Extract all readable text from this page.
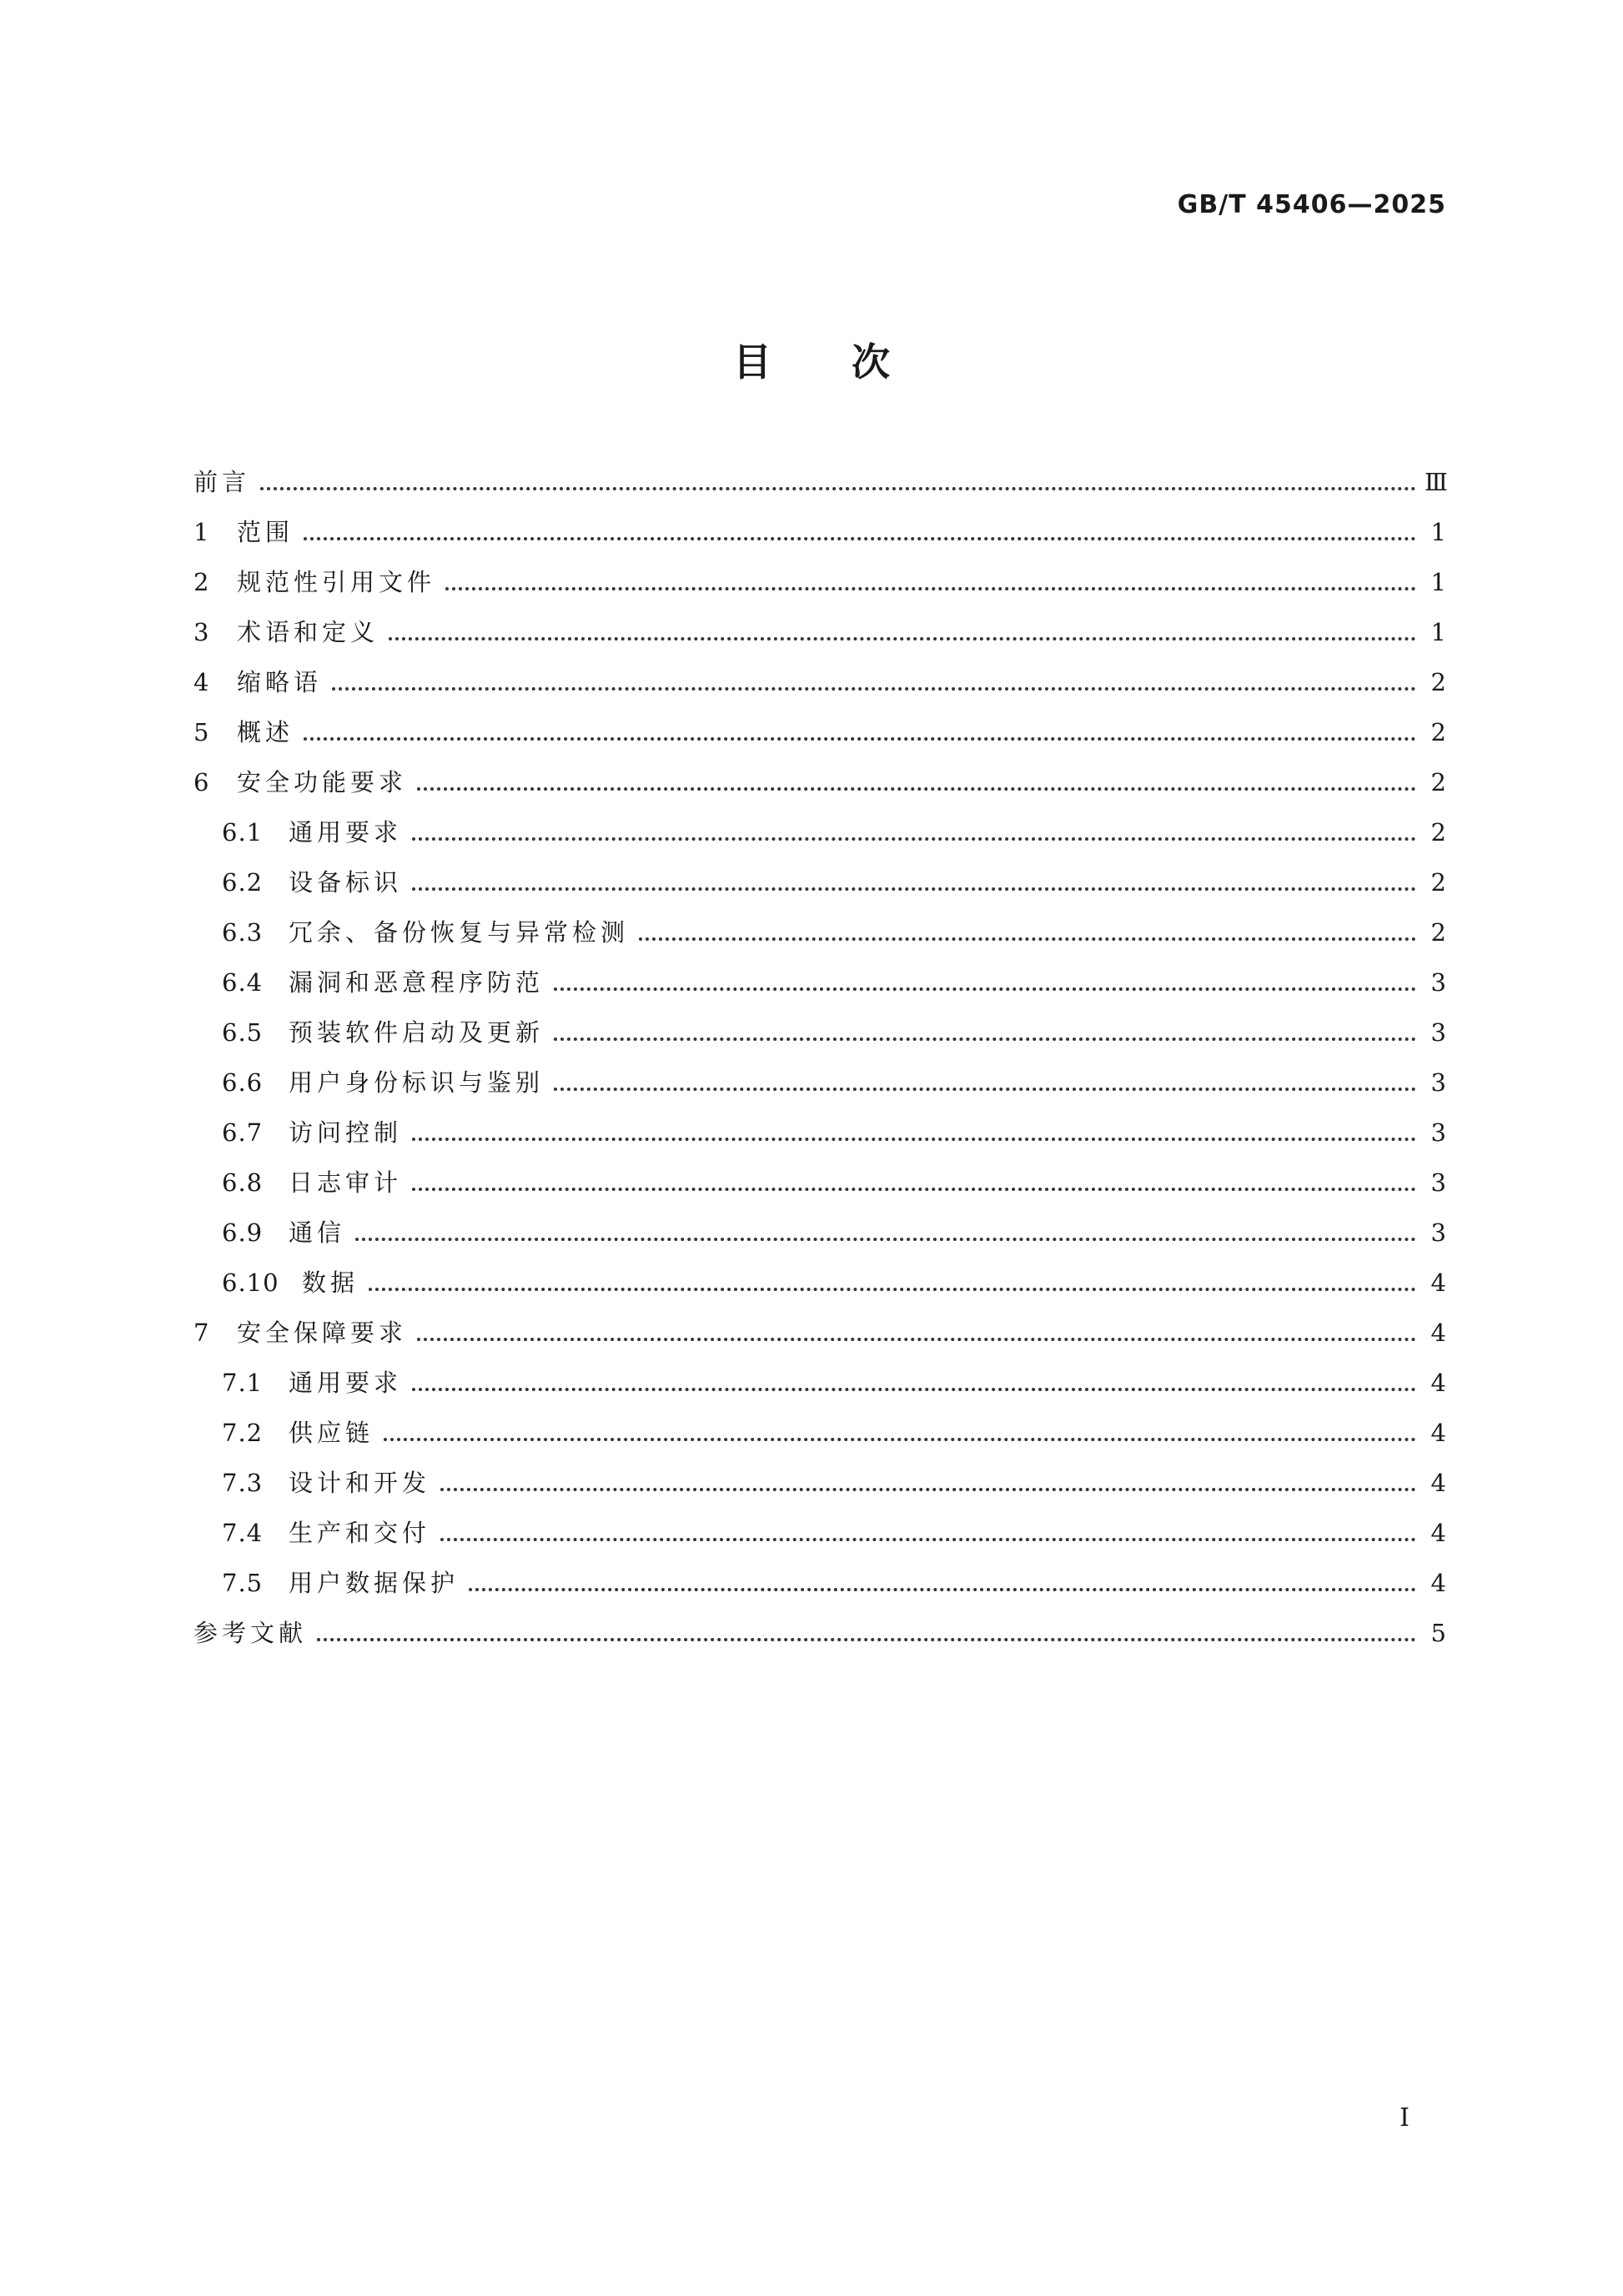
GB/T 45406—2025
目次
前言	Ⅲ
1	范围	1
2	规范性引用文件	1
3	术语和定义	1
4	缩略语	2
5	概述	2
6	安全功能要求	2
6.1	通用要求	2
6.2	设备标识	2
6.3	冗余、备份恢复与异常检测	2
6.4	漏洞和恶意程序防范	3
6.5	预装软件启动及更新	3
6.6	用户身份标识与鉴别	3
6.7	访问控制	3
6.8	日志审计	3
6.9	通信	3
6.10 数据	4
7	安全保障要求	4
7.1	通用要求	4
7.2	供应链	4
7.3	设计和开发	4
7.4	生产和交付	4
7.5	用户数据保护	4
参考文献	5
Ⅰ
